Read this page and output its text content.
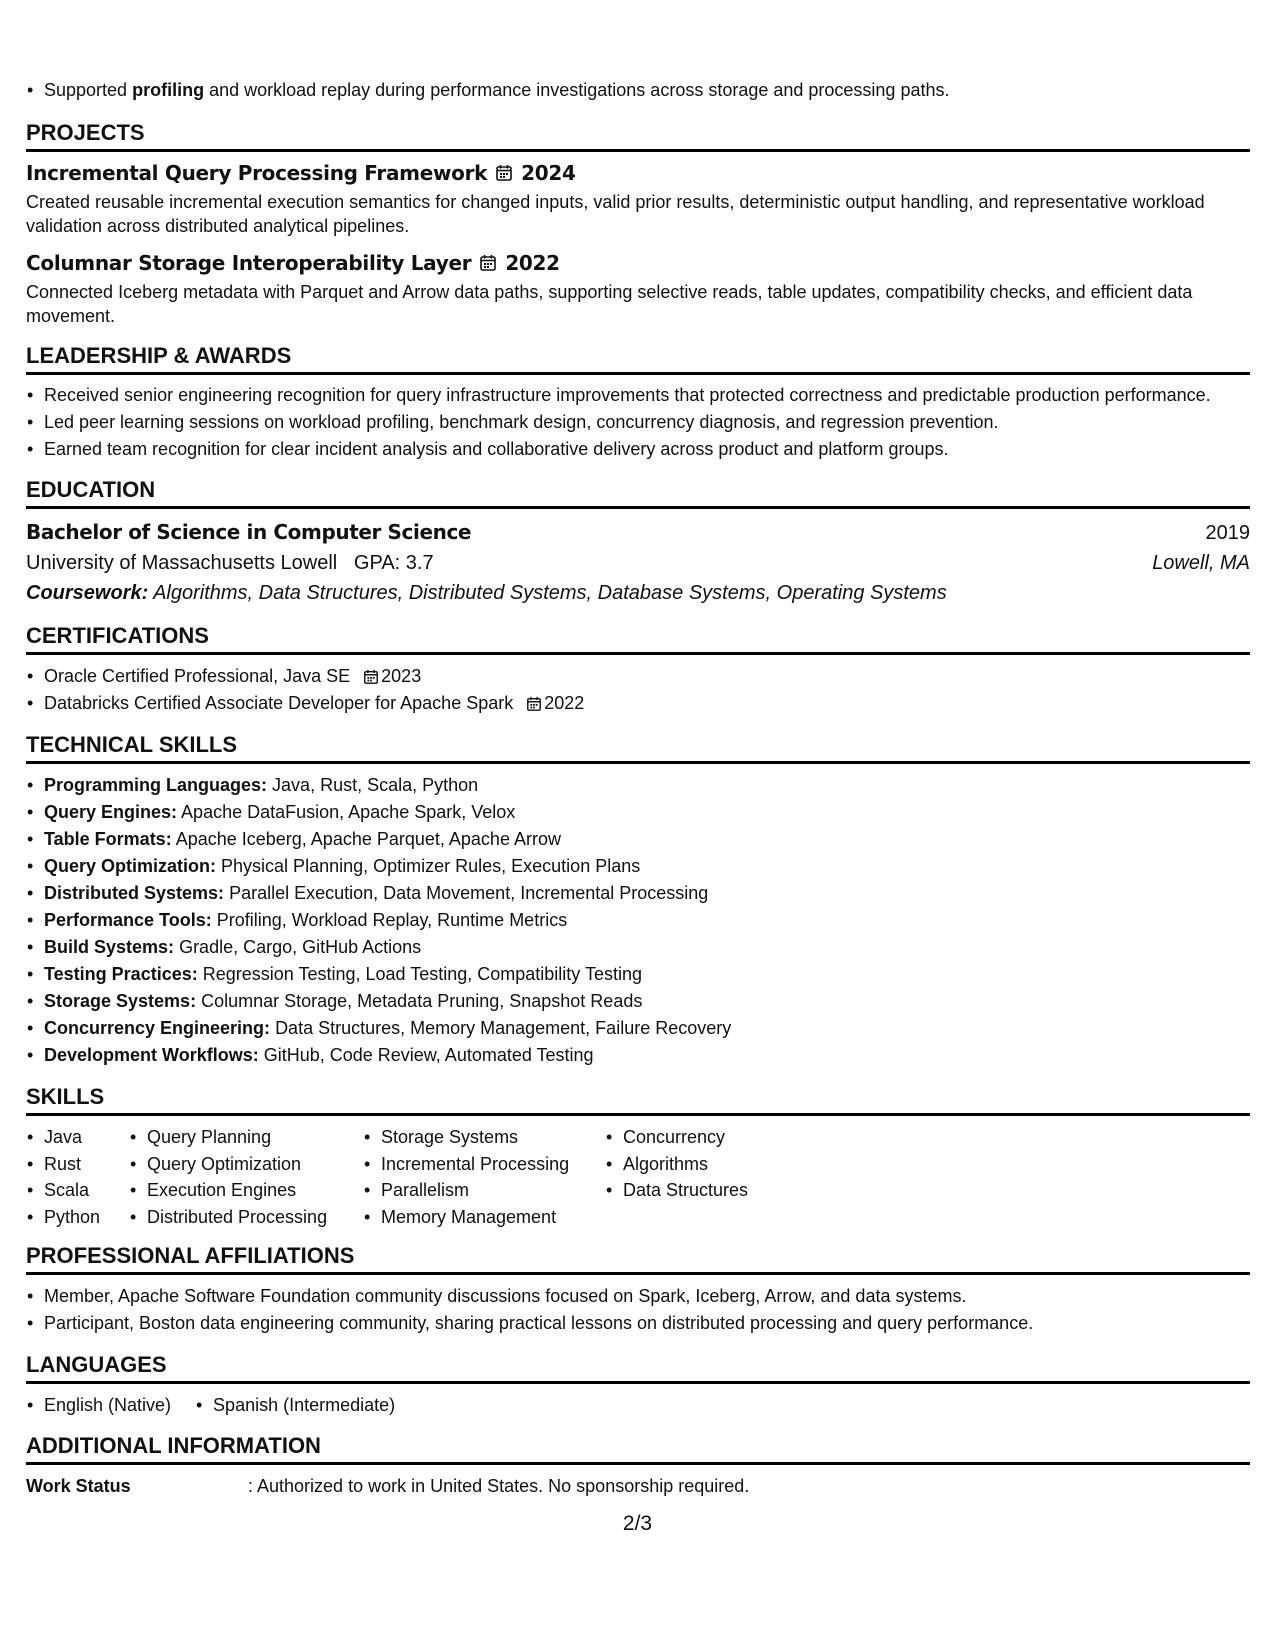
• Supported profiling and workload replay during performance investigations across storage and processing paths.
PROJECTS
Incremental Query Processing Framework 2024

Created reusable incremental execution semantics for changed inputs, valid prior results, deterministic output handling, and representative workload validation across distributed analytical pipelines.

Columnar Storage Interoperability Layer 2022

Connected Iceberg metadata with Parquet and Arrow data paths, supporting selective reads, table updates, compatibility checks, and efficient data movement.

LEADERSHIP & AWARDS
• Received senior engineering recognition for query infrastructure improvements that protected correctness and predictable production performance.
• Led peer learning sessions on workload profiling, benchmark design, concurrency diagnosis, and regression prevention.
• Earned team recognition for clear incident analysis and collaborative delivery across product and platform groups.
EDUCATION
Bachelor of Science in Computer Science	2019
University of Massachusetts Lowell GPA: 3.7	Lowell, MA
Coursework: Algorithms, Data Structures, Distributed Systems, Database Systems, Operating Systems
CERTIFICATIONS
• Oracle Certified Professional, Java SE 2023
• Databricks Certified Associate Developer for Apache Spark 2022
TECHNICAL SKILLS
• Programming Languages: Java, Rust, Scala, Python
• Query Engines: Apache DataFusion, Apache Spark, Velox
• Table Formats: Apache Iceberg, Apache Parquet, Apache Arrow
• Query Optimization: Physical Planning, Optimizer Rules, Execution Plans
• Distributed Systems: Parallel Execution, Data Movement, Incremental Processing
• Performance Tools: Profiling, Workload Replay, Runtime Metrics
• Build Systems: Gradle, Cargo, GitHub Actions
• Testing Practices: Regression Testing, Load Testing, Compatibility Testing
• Storage Systems: Columnar Storage, Metadata Pruning, Snapshot Reads
• Concurrency Engineering: Data Structures, Memory Management, Failure Recovery
• Development Workflows: GitHub, Code Review, Automated Testing
SKILLS
• Java
• Rust
• Scala
• Python
• Query Planning
• Query Optimization
• Execution Engines
• Distributed Processing
• Storage Systems
• Incremental Processing
• Parallelism
• Memory Management
• Concurrency
• Algorithms
• Data Structures
PROFESSIONAL AFFILIATIONS
• Member, Apache Software Foundation community discussions focused on Spark, Iceberg, Arrow, and data systems.
• Participant, Boston data engineering community, sharing practical lessons on distributed processing and query performance.
LANGUAGES
• English (Native)
•	Spanish (Intermediate)
ADDITIONAL INFORMATION
Work Status	: Authorized to work in United States. No sponsorship required.
2/3
